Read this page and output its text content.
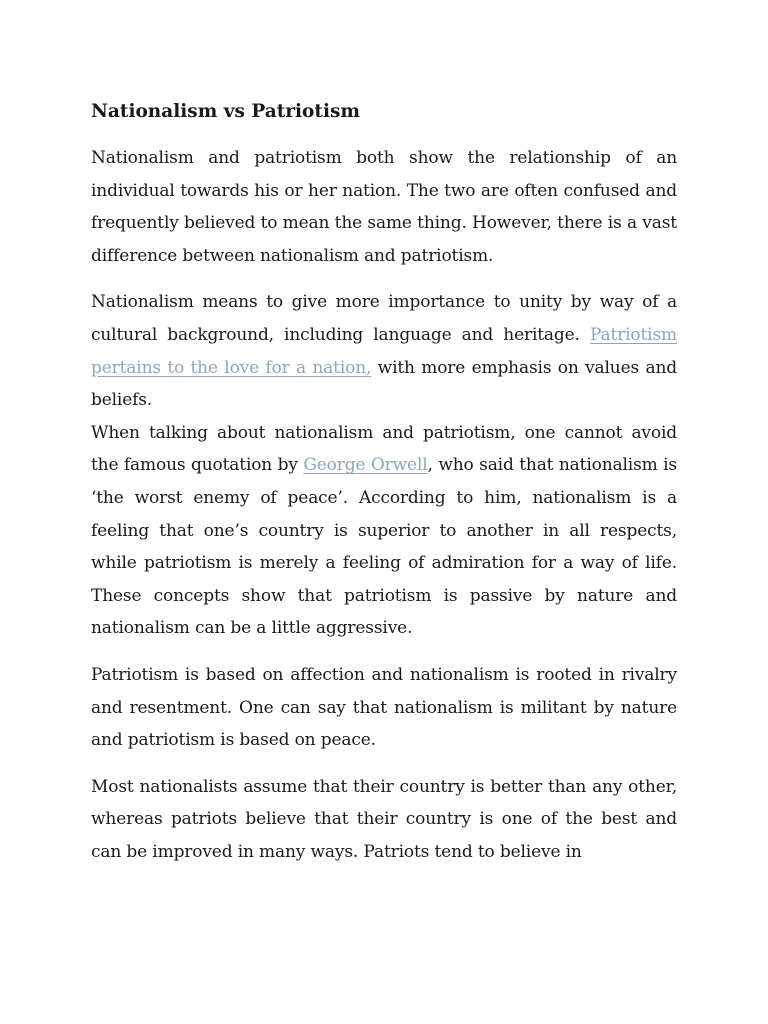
Nationalism vs Patriotism

Nationalism and patriotism both show the relationship of an individual towards his or her nation. The two are often confused and frequently believed to mean the same thing. However, there is a vast difference between nationalism and patriotism.

Nationalism means to give more importance to unity by way of a cultural background, including language and heritage. Patriotism pertains to the love for a nation, with more emphasis on values and beliefs.

When talking about nationalism and patriotism, one cannot avoid the famous quotation by George Orwell, who said that nationalism is ‘the worst enemy of peace’. According to him, nationalism is a feeling that one’s country is superior to another in all respects, while patriotism is merely a feeling of admiration for a way of life. These concepts show that patriotism is passive by nature and nationalism can be a little aggressive.

Patriotism is based on affection and nationalism is rooted in rivalry and resentment. One can say that nationalism is militant by nature and patriotism is based on peace.

Most nationalists assume that their country is better than any other, whereas patriots believe that their country is one of the best and can be improved in many ways. Patriots tend to believe in
